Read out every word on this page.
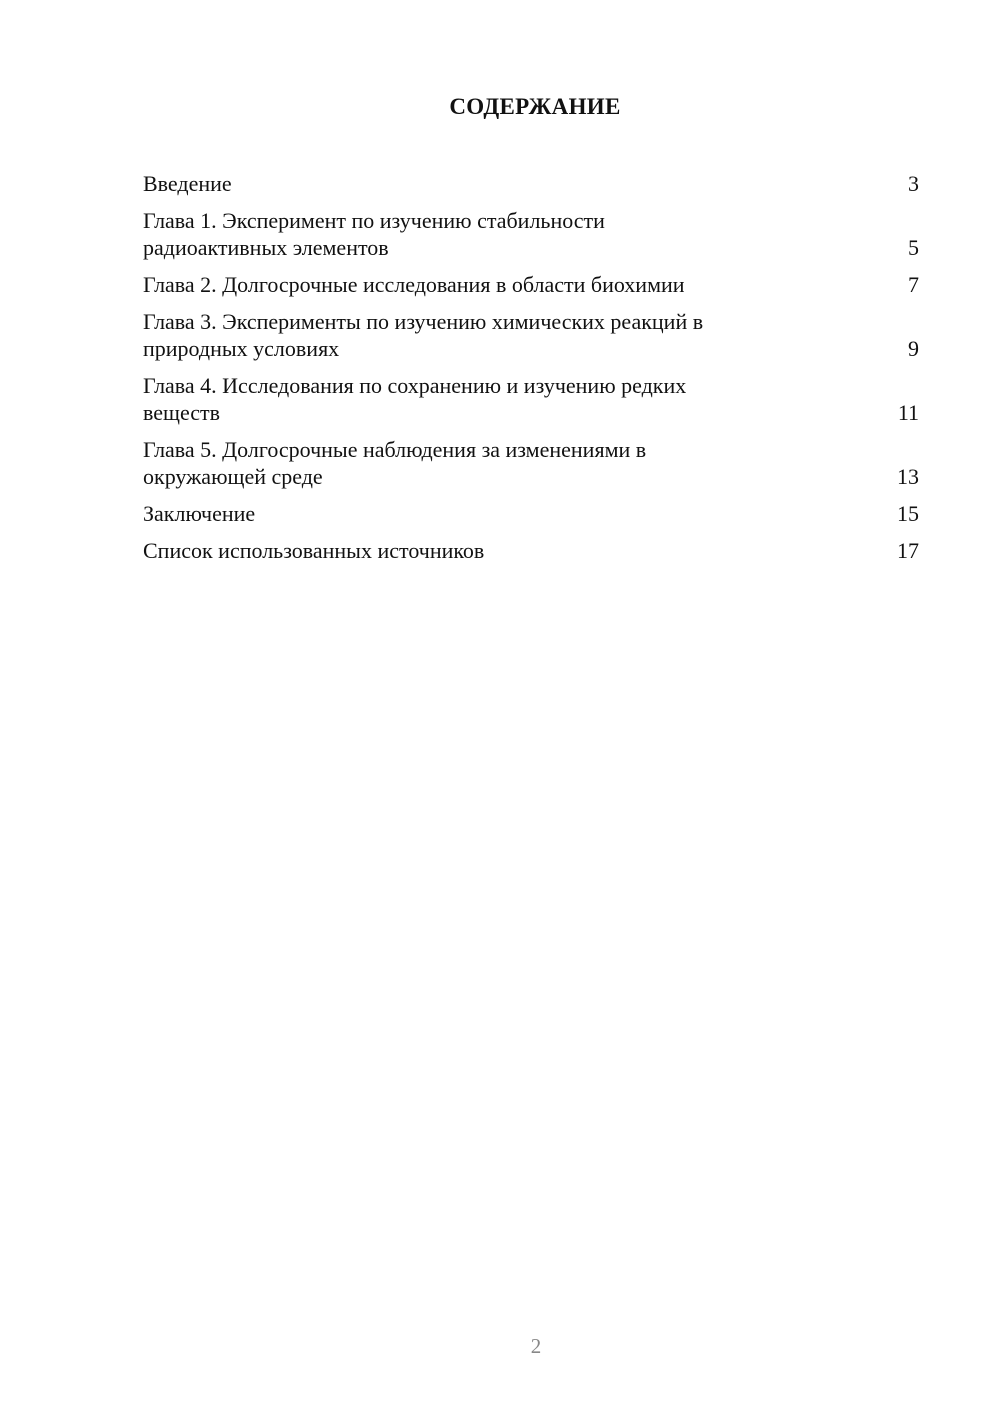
СОДЕРЖАНИЕ
Введение	3
Глава 1. Эксперимент по изучению стабильности
радиоактивных элементов	5
Глава 2. Долгосрочные исследования в области биохимии	7
Глава 3. Эксперименты по изучению химических реакций в
природных условиях	9
Глава 4. Исследования по сохранению и изучению редких
веществ	11
Глава 5. Долгосрочные наблюдения за изменениями в
окружающей среде	13
Заключение	15
Список использованных источников	17
2
